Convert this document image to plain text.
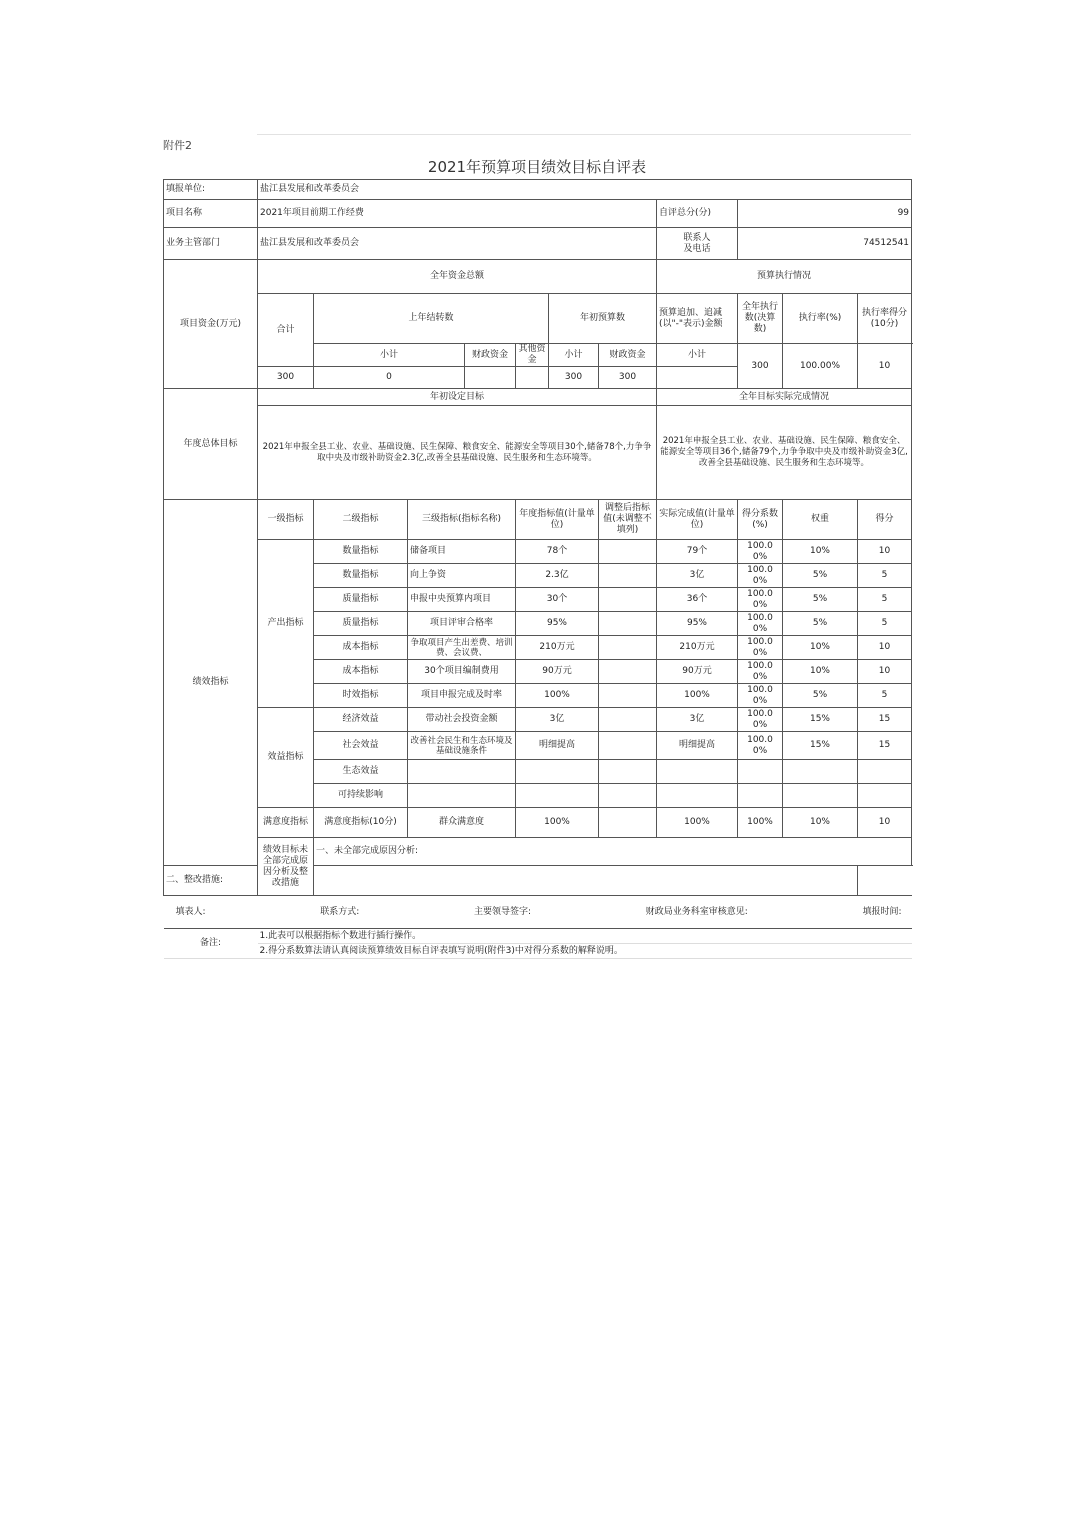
附件2
2021年预算项目绩效目标自评表
填报单位:	盐江县发展和改革委员会										
项目名称	2021年项目前期工作经费							自评总分(分)	99		
业务主管部门	盐江县发展和改革委员会							联系人
及电话	74512541		
项目资金(万元)	全年资金总额							预算执行情况			
	合计	上年结转数				年初预算数		预算追加、追减(以"-"表示)金额	全年执行数(决算数)	执行率(%)	执行率得分(10分)
		小计		财政资金	其他资金	小计	财政资金	小计	300	100.00%	10
	300	0				300	300				
年度总体目标	年初设定目标							全年目标实际完成情况			
	2021年申报全县工业、农业、基础设施、民生保障、粮食安全、能源安全等项目30个,储备78个,力争争取中央及市级补助资金2.3亿,改善全县基础设施、民生服务和生态环境等。							2021年申报全县工业、农业、基础设施、民生保障、粮食安全、能源安全等项目36个,储备79个,力争争取中央及市级补助资金3亿,改善全县基础设施、民生服务和生态环境等。			
绩效指标	一级指标	二级指标	三级指标(指标名称)		年度指标值(计量单位)		调整后指标值(未调整不填列)	实际完成值(计量单位)	得分系数(%)	权重	得分
	产出指标	数量指标	储备项目		78个			79个	100.00%	10%	10
		数量指标	向上争资		2.3亿			3亿	100.00%	5%	5
		质量指标	申报中央预算内项目		30个			36个	100.00%	5%	5
		质量指标	项目评审合格率		95%			95%	100.00%	5%	5
		成本指标	争取项目产生出差费、培训费、会议费、		210万元			210万元	100.00%	10%	10
		成本指标	30个项目编制费用		90万元			90万元	100.00%	10%	10
		时效指标	项目申报完成及时率		100%			100%	100.00%	5%	5
	效益指标	经济效益	带动社会投资金额		3亿			3亿	100.00%	15%	15
		社会效益	改善社会民生和生态环境及基础设施条件		明细提高			明细提高	100.00%	15%	15
		生态效益									
		可持续影响									
	满意度指标	满意度指标(10分)	群众满意度		100%			100%	100%	10%	10
	绩效目标未全部完成原因分析及整改措施	一、未全部完成原因分析:									
二、整改措施:											

填表人: 联系方式: 主要领导签字: 财政局业务科室审核意见: 填报时间:											

备注:	1.此表可以根据指标个数进行插行操作。										
	2.得分系数算法请认真阅读预算绩效目标自评表填写说明(附件3)中对得分系数的解释说明。										
